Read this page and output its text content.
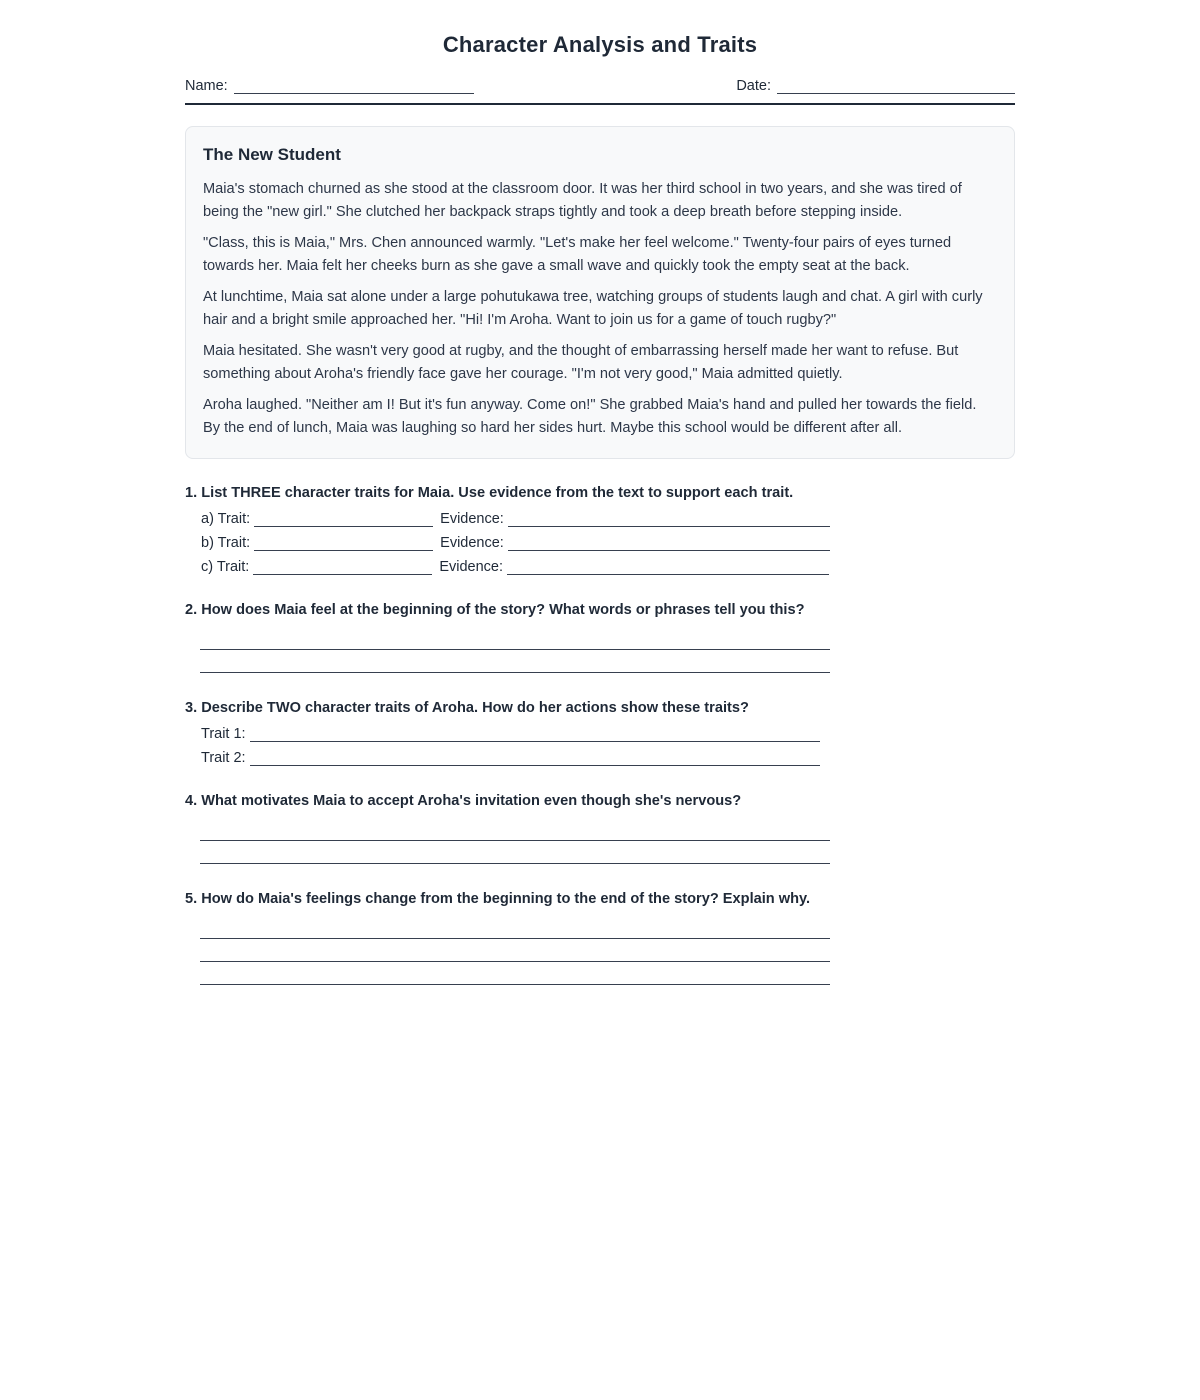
Character Analysis and Traits
Name:	Date:
The New Student

Maia's stomach churned as she stood at the classroom door. It was her third school in two years, and she was tired of being the "new girl." She clutched her backpack straps tightly and took a deep breath before stepping inside.

"Class, this is Maia," Mrs. Chen announced warmly. "Let's make her feel welcome." Twenty-four pairs of eyes turned towards her. Maia felt her cheeks burn as she gave a small wave and quickly took the empty seat at the back.

At lunchtime, Maia sat alone under a large pohutukawa tree, watching groups of students laugh and chat. A girl with curly hair and a bright smile approached her. "Hi! I'm Aroha. Want to join us for a game of touch rugby?"

Maia hesitated. She wasn't very good at rugby, and the thought of embarrassing herself made her want to refuse. But something about Aroha's friendly face gave her courage. "I'm not very good," Maia admitted quietly.

Aroha laughed. "Neither am I! But it's fun anyway. Come on!" She grabbed Maia's hand and pulled her towards the field. By the end of lunch, Maia was laughing so hard her sides hurt. Maybe this school would be different after all.

1. List THREE character traits for Maia. Use evidence from the text to support each trait.
a) Trait:	Evidence:
b) Trait:	Evidence:
c) Trait:	Evidence:
2. How does Maia feel at the beginning of the story? What words or phrases tell you this?
3. Describe TWO character traits of Aroha. How do her actions show these traits?
Trait 1:
Trait 2:
4. What motivates Maia to accept Aroha's invitation even though she's nervous?
5. How do Maia's feelings change from the beginning to the end of the story? Explain why.
